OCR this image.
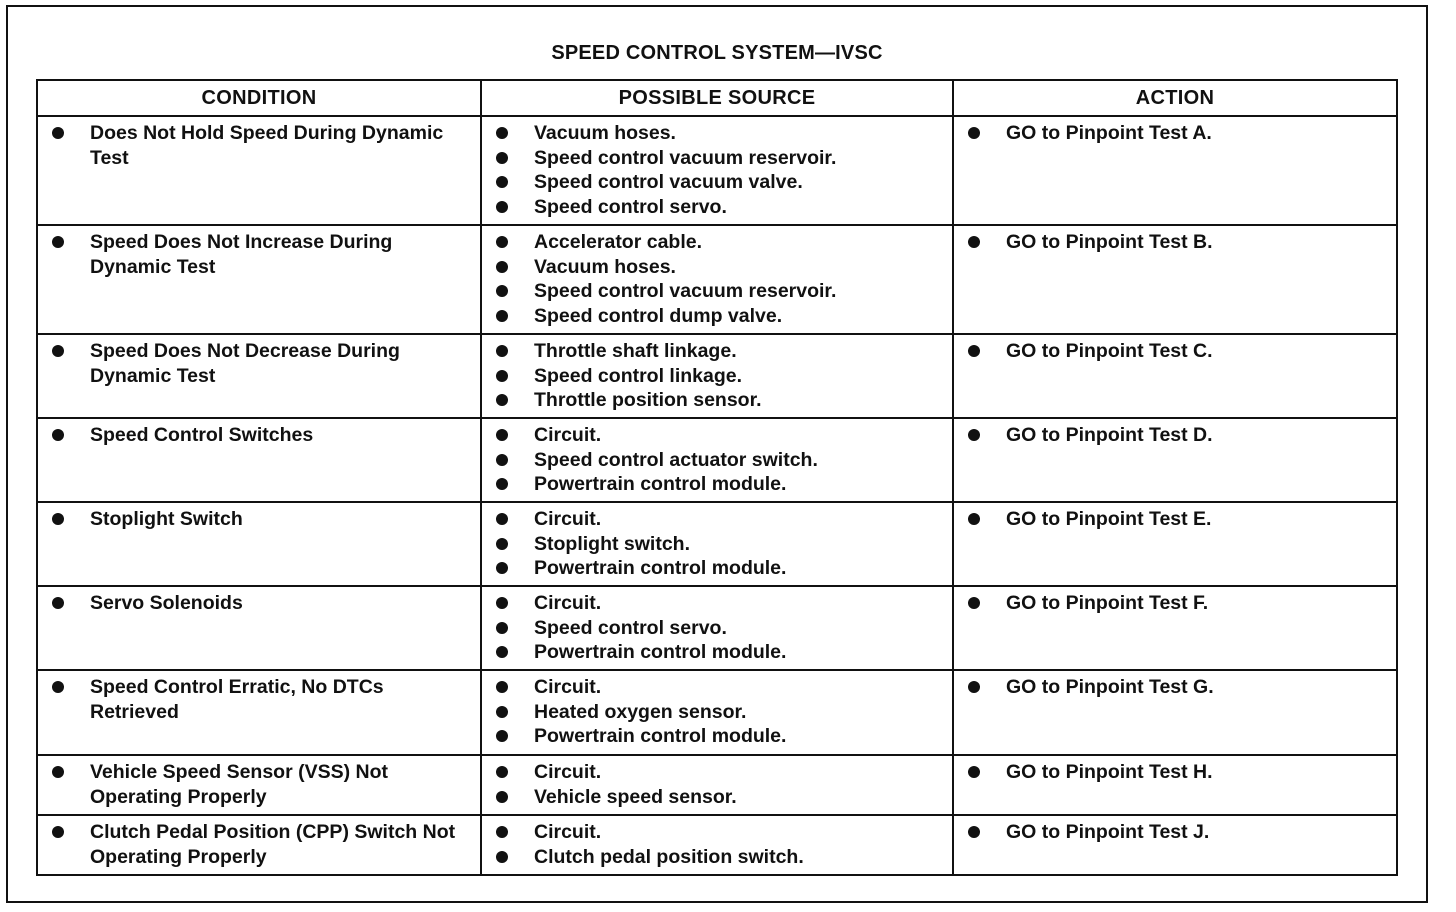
SPEED CONTROL SYSTEM—IVSC
CONDITION	POSSIBLE SOURCE	ACTION

Does Not Hold Speed During Dynamic Test	Vacuum hoses.
Speed control vacuum reservoir.
Speed control vacuum valve.
Speed control servo.	GO to Pinpoint Test A.

Speed Does Not Increase During Dynamic Test	Accelerator cable.
Vacuum hoses.
Speed control vacuum reservoir.
Speed control dump valve.	GO to Pinpoint Test B.

Speed Does Not Decrease During Dynamic Test	Throttle shaft linkage.
Speed control linkage.
Throttle position sensor.	GO to Pinpoint Test C.

Speed Control Switches	Circuit.
Speed control actuator switch.
Powertrain control module.	GO to Pinpoint Test D.

Stoplight Switch	Circuit.
Stoplight switch.
Powertrain control module.	GO to Pinpoint Test E.

Servo Solenoids	Circuit.
Speed control servo.
Powertrain control module.	GO to Pinpoint Test F.

Speed Control Erratic, No DTCs Retrieved	Circuit.
Heated oxygen sensor.
Powertrain control module.	GO to Pinpoint Test G.

Vehicle Speed Sensor (VSS) Not Operating Properly	Circuit.
Vehicle speed sensor.	GO to Pinpoint Test H.

Clutch Pedal Position (CPP) Switch Not Operating Properly	Circuit.
Clutch pedal position switch.	GO to Pinpoint Test J.
